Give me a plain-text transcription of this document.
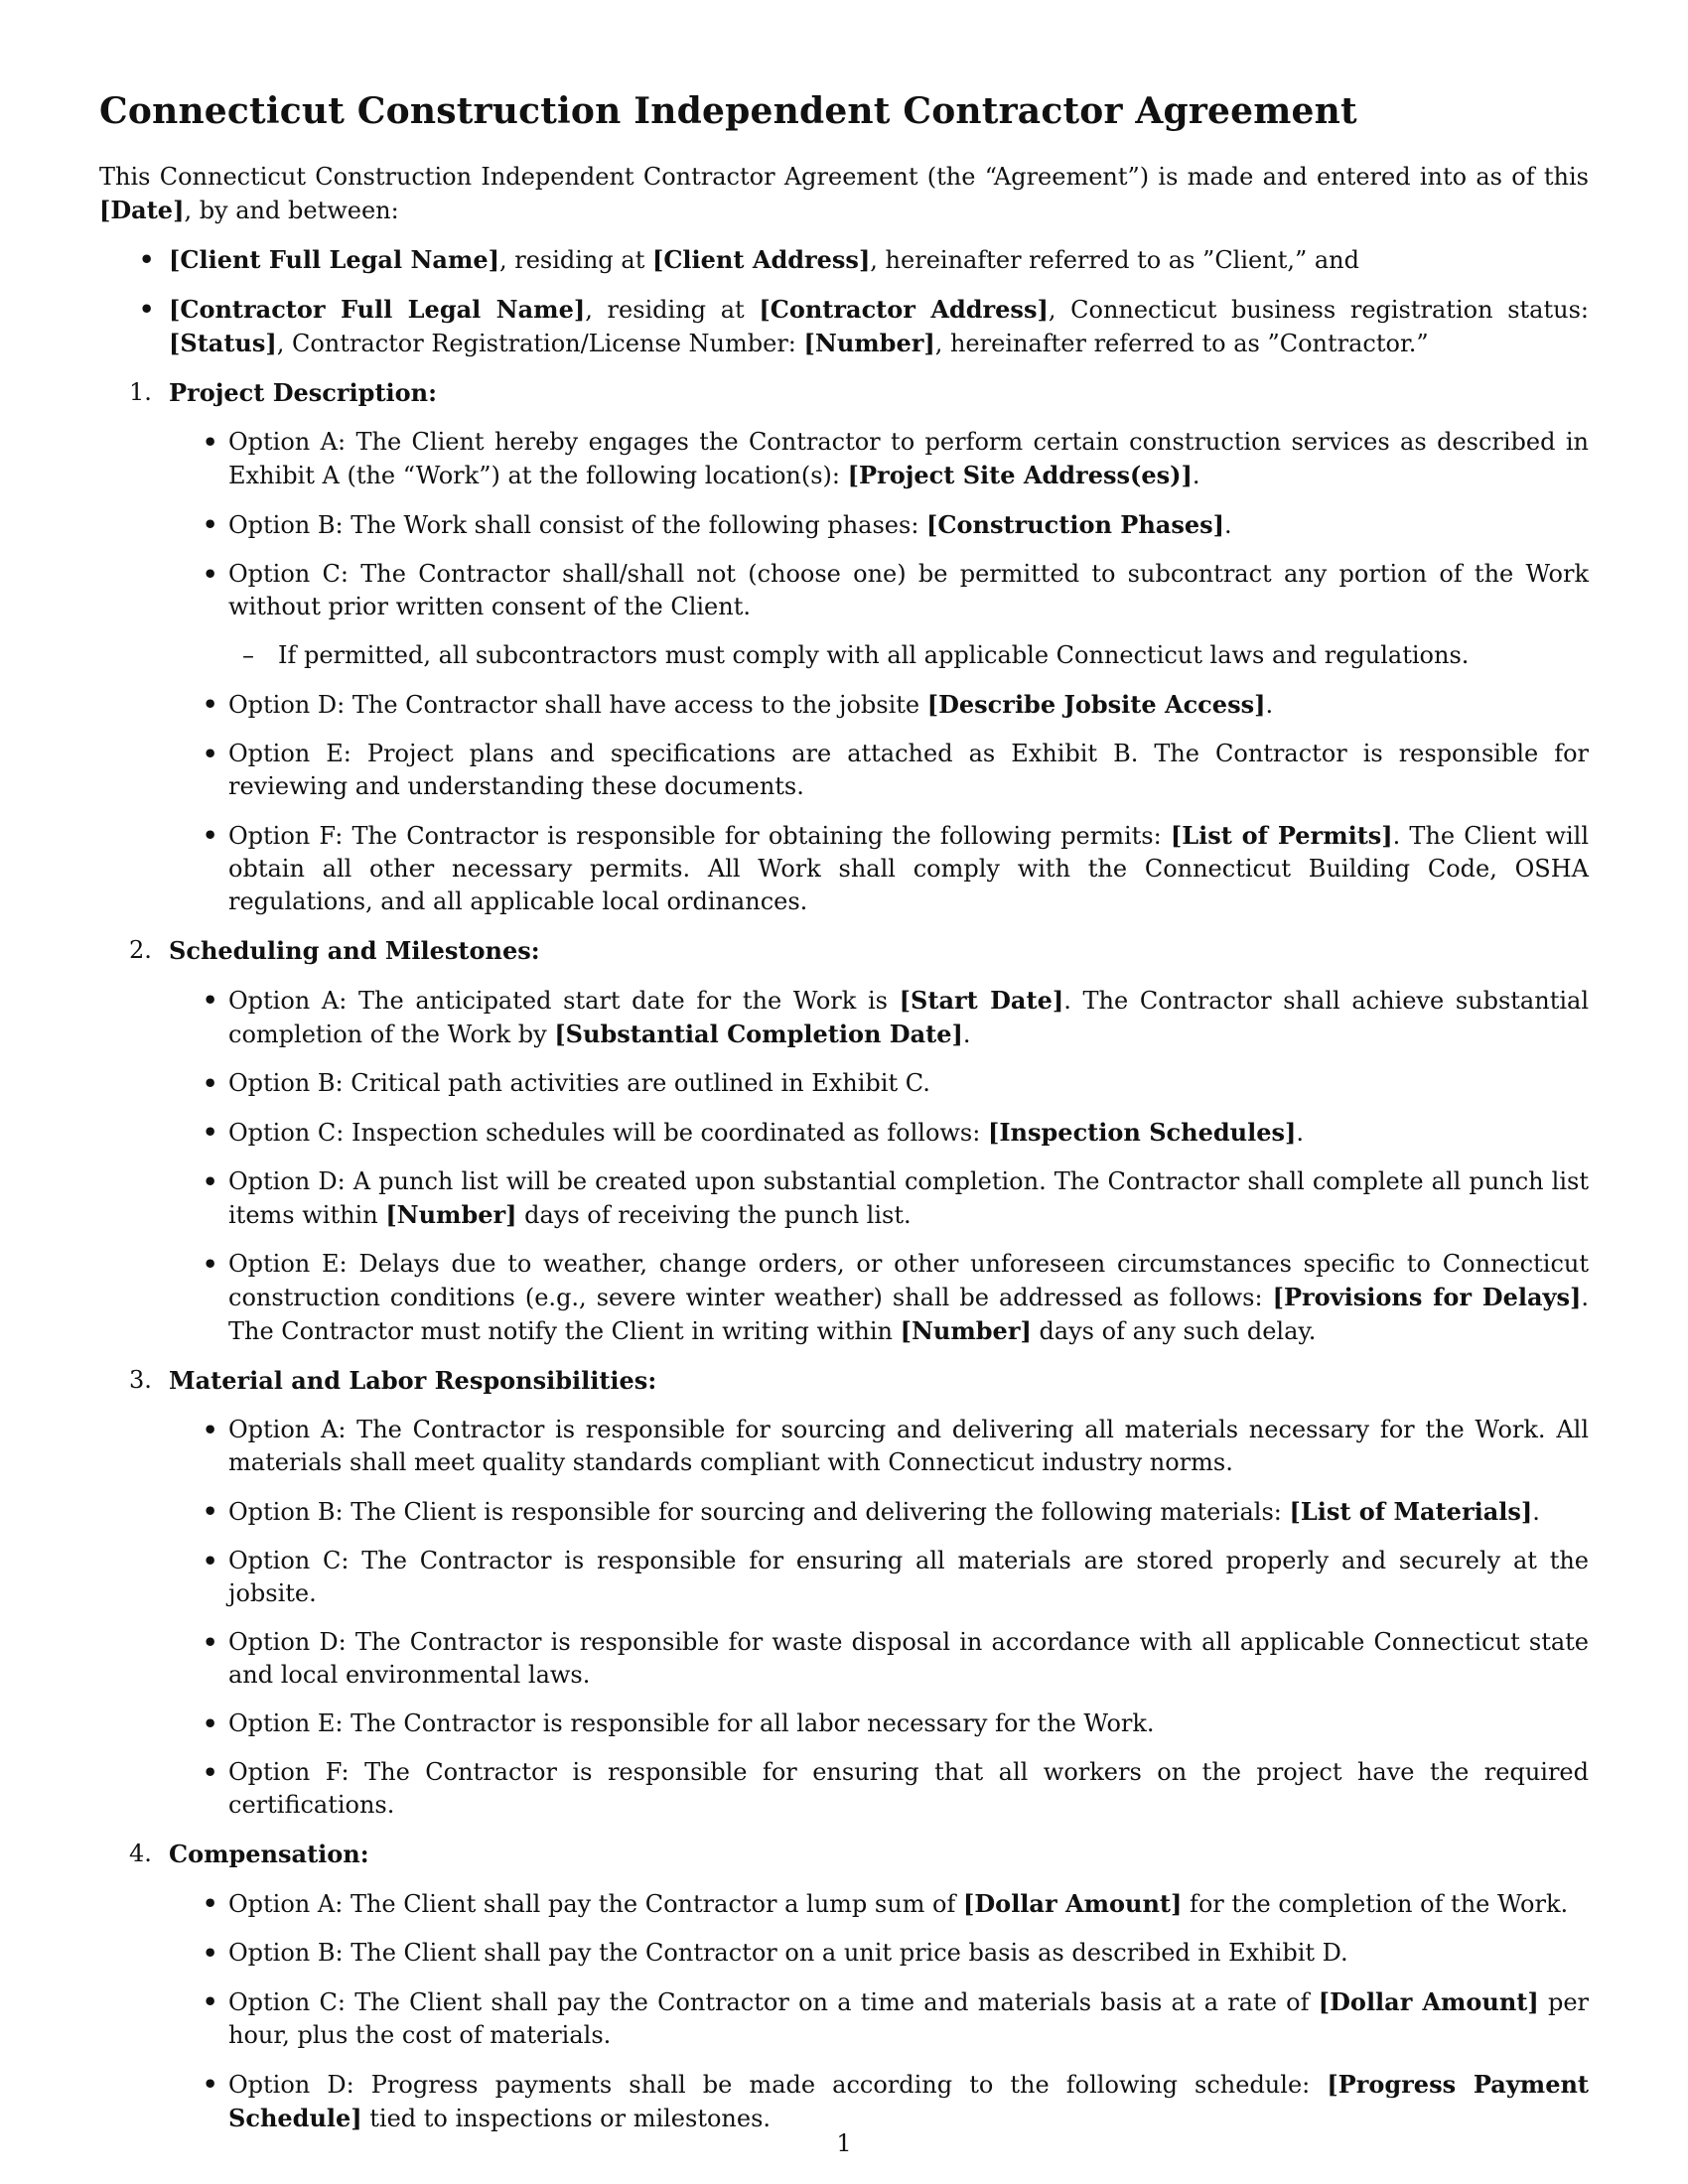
Connecticut Construction Independent Contractor Agreement

This Connecticut Construction Independent Contractor Agreement (the “Agreement”) is made and entered into as of this [Date], by and between:

• [Client Full Legal Name], residing at [Client Address], hereinafter referred to as ”Client,” and
• [Contractor Full Legal Name], residing at [Contractor Address], Connecticut business registration status: [Status], Contractor Registration/License Number: [Number], hereinafter referred to as ”Contractor.”
1. Project Description:
• Option A: The Client hereby engages the Contractor to perform certain construction services as described in Exhibit A (the “Work”) at the following location(s): [Project Site Address(es)].
• Option B: The Work shall consist of the following phases: [Construction Phases].
• Option C: The Contractor shall/shall not (choose one) be permitted to subcontract any portion of the Work without prior written consent of the Client.
– If permitted, all subcontractors must comply with all applicable Connecticut laws and regulations.
• Option D: The Contractor shall have access to the jobsite [Describe Jobsite Access].
• Option E: Project plans and specifications are attached as Exhibit B. The Contractor is responsible for reviewing and understanding these documents.
• Option F: The Contractor is responsible for obtaining the following permits: [List of Permits]. The Client will obtain all other necessary permits. All Work shall comply with the Connecticut Building Code, OSHA regulations, and all applicable local ordinances.
2. Scheduling and Milestones:
• Option A: The anticipated start date for the Work is [Start Date]. The Contractor shall achieve substantial completion of the Work by [Substantial Completion Date].
• Option B: Critical path activities are outlined in Exhibit C.
• Option C: Inspection schedules will be coordinated as follows: [Inspection Schedules].
• Option D: A punch list will be created upon substantial completion. The Contractor shall complete all punch list items within [Number] days of receiving the punch list.
• Option E: Delays due to weather, change orders, or other unforeseen circumstances specific to Connecticut construction conditions (e.g., severe winter weather) shall be addressed as follows: [Provisions for Delays]. The Contractor must notify the Client in writing within [Number] days of any such delay.
3. Material and Labor Responsibilities:
• Option A: The Contractor is responsible for sourcing and delivering all materials necessary for the Work. All materials shall meet quality standards compliant with Connecticut industry norms.
• Option B: The Client is responsible for sourcing and delivering the following materials: [List of Materials].
• Option C: The Contractor is responsible for ensuring all materials are stored properly and securely at the jobsite.
• Option D: The Contractor is responsible for waste disposal in accordance with all applicable Connecticut state and local environmental laws.
• Option E: The Contractor is responsible for all labor necessary for the Work.
• Option F: The Contractor is responsible for ensuring that all workers on the project have the required certifications.
4. Compensation:
• Option A: The Client shall pay the Contractor a lump sum of [Dollar Amount] for the completion of the Work.
• Option B: The Client shall pay the Contractor on a unit price basis as described in Exhibit D.
• Option C: The Client shall pay the Contractor on a time and materials basis at a rate of [Dollar Amount] per hour, plus the cost of materials.
• Option D: Progress payments shall be made according to the following schedule: [Progress Payment Schedule] tied to inspections or milestones.
1
